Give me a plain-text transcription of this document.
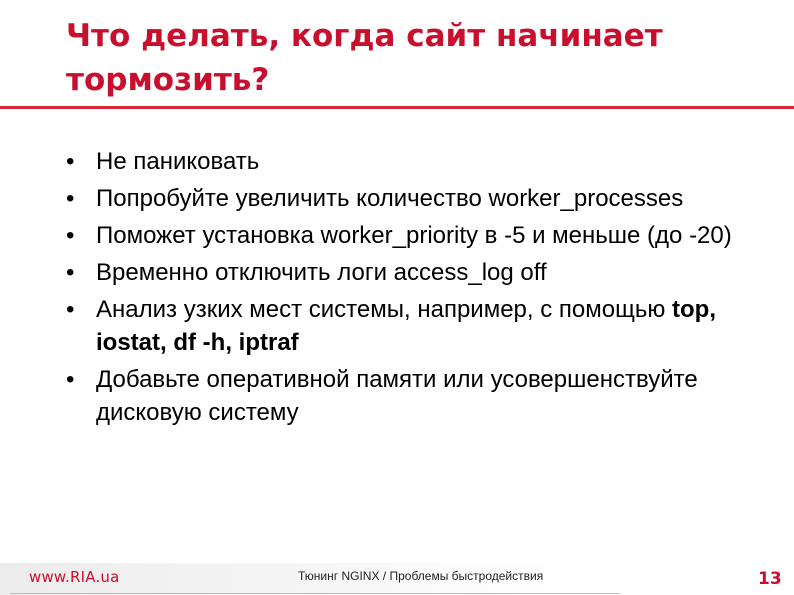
Что делать, когда сайт начинает тормозить?
• Не паниковать
• Попробуйте увеличить количество worker_processes
• Поможет установка worker_priority в -5 и меньше (до -20)
• Временно отключить логи access_log off
• Анализ узких мест системы, например, с помощью top, iostat, df -h, iptraf
• Добавьте оперативной памяти или усовершенствуйте дисковую систему
www.RIA.ua	Тюнинг NGINX / Проблемы быстродействия	13
